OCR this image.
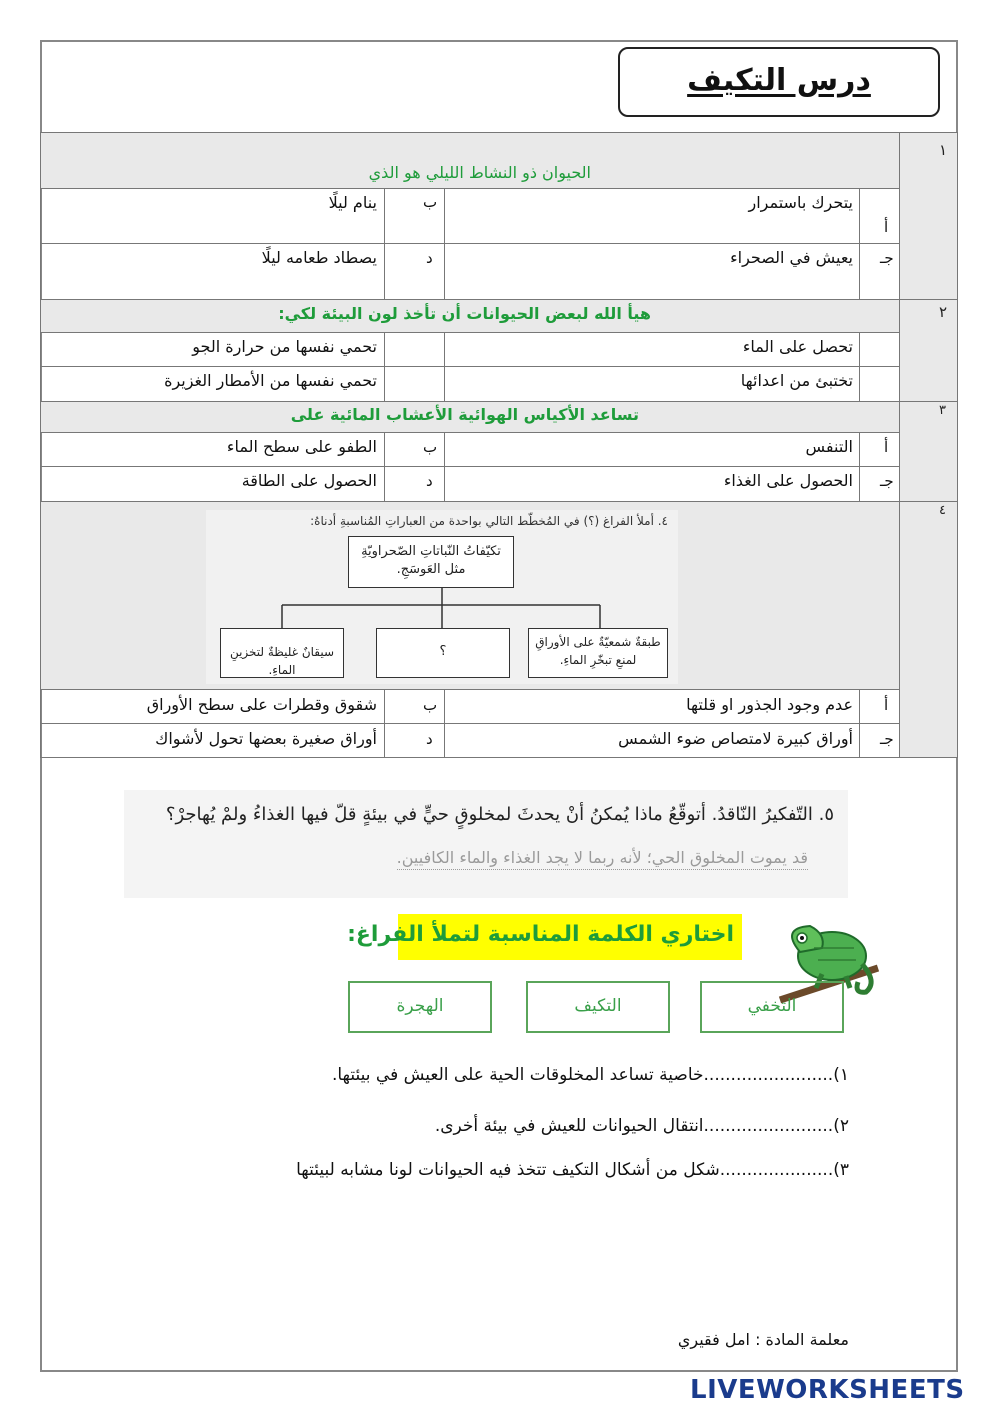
درس التكيف
١
الحيوان ذو النشاط الليلي هو الذي
أ
يتحرك باستمرار
ب
ينام ليلًا
جـ
يعيش في الصحراء
د
يصطاد طعامه ليلًا
٢
هيأ الله لبعض الحيوانات أن تأخذ لون البيئة لكي:
تحصل على الماء
تحمي نفسها من حرارة الجو
تختبئ من اعدائها
تحمي نفسها من الأمطار الغزيرة
٣
تساعد الأكياس الهوائية الأعشاب المائية على
أ
التنفس
ب
الطفو على سطح الماء
جـ
الحصول على الغذاء
د
الحصول على الطاقة
٤
أ
عدم وجود الجذور او قلتها
ب
شقوق وقطرات على سطح الأوراق
جـ
أوراق كبيرة لامتصاص ضوء الشمس
د
أوراق صغيرة بعضها تحول لأشواك
٤. أملأ الفراغ (؟) في المُخطّط التالي بواحدة من العباراتِ المُناسبةِ أدناهُ:
تكيّفاتُ النّباتاتِ الصّحراويّةِ مثل العَوسَجِ.
سيقانٌ غليظةٌ لتخزينِ الماءِ.
؟
طبقةٌ شمعيّةٌ على الأوراقِ لمنعِ تبخّرِ الماءِ.
٥. التّفكيرُ النّاقدُ. أتوقّعُ ماذا يُمكنُ أنْ يحدثَ لمخلوقٍ حيٍّ في بيئةٍ قلّ فيها الغذاءُ ولمْ يُهاجرْ؟
قد يموت المخلوق الحي؛ لأنه ربما لا يجد الغذاء والماء الكافيين.
اختاري الكلمة المناسبة لتملأ الفراغ:
التخفي
التكيف
الهجرة
١)........................خاصية تساعد المخلوقات الحية على العيش في بيئتها.
٢)........................انتقال الحيوانات للعيش في بيئة أخرى.
٣).....................شكل من أشكال التكيف تتخذ فيه الحيوانات لونا مشابه لبيئتها
معلمة المادة : امل فقيري
LIVEWORKSHEETS
